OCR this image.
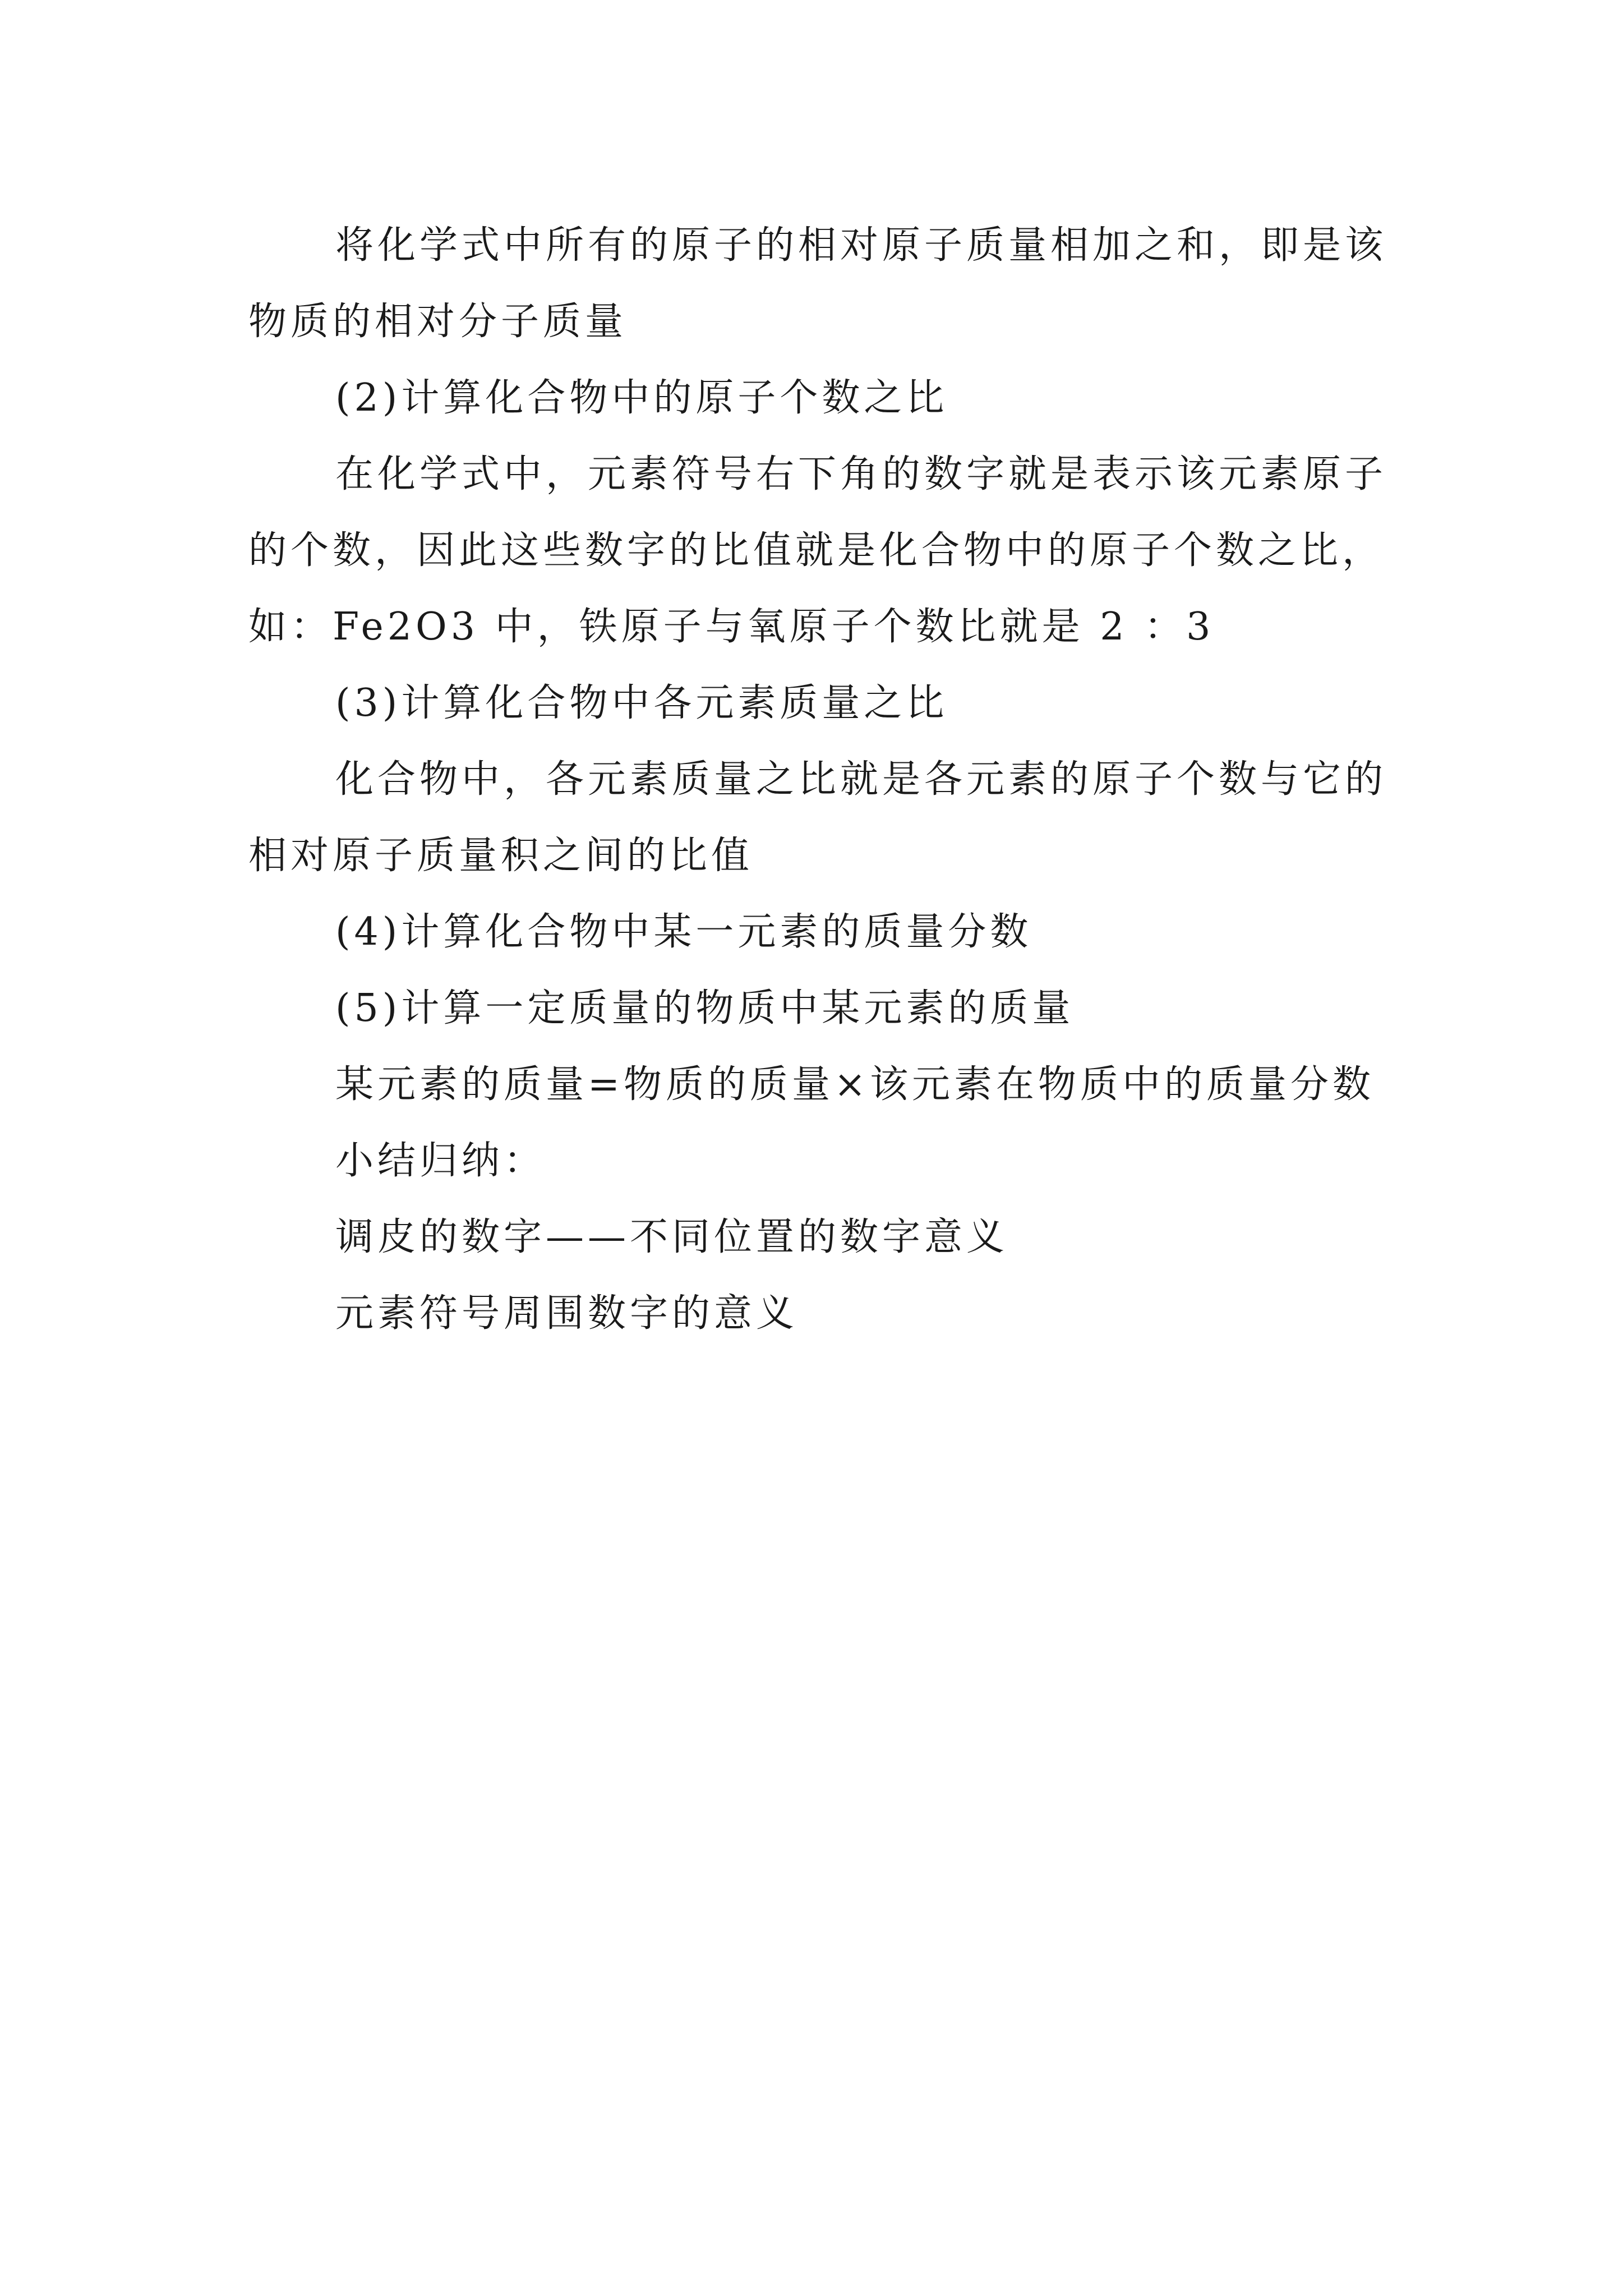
将化学式中所有的原子的相对原子质量相加之和，即是该物质的相对分子质量

(2)计算化合物中的原子个数之比

在化学式中，元素符号右下角的数字就是表示该元素原子的个数，因此这些数字的比值就是化合物中的原子个数之比，如：Fe2O3 中，铁原子与氧原子个数比就是 2 ：3

(3)计算化合物中各元素质量之比

化合物中，各元素质量之比就是各元素的原子个数与它的相对原子质量积之间的比值

(4)计算化合物中某一元素的质量分数

(5)计算一定质量的物质中某元素的质量

某元素的质量=物质的质量×该元素在物质中的质量分数

小结归纳：

调皮的数字——不同位置的数字意义

元素符号周围数字的意义
